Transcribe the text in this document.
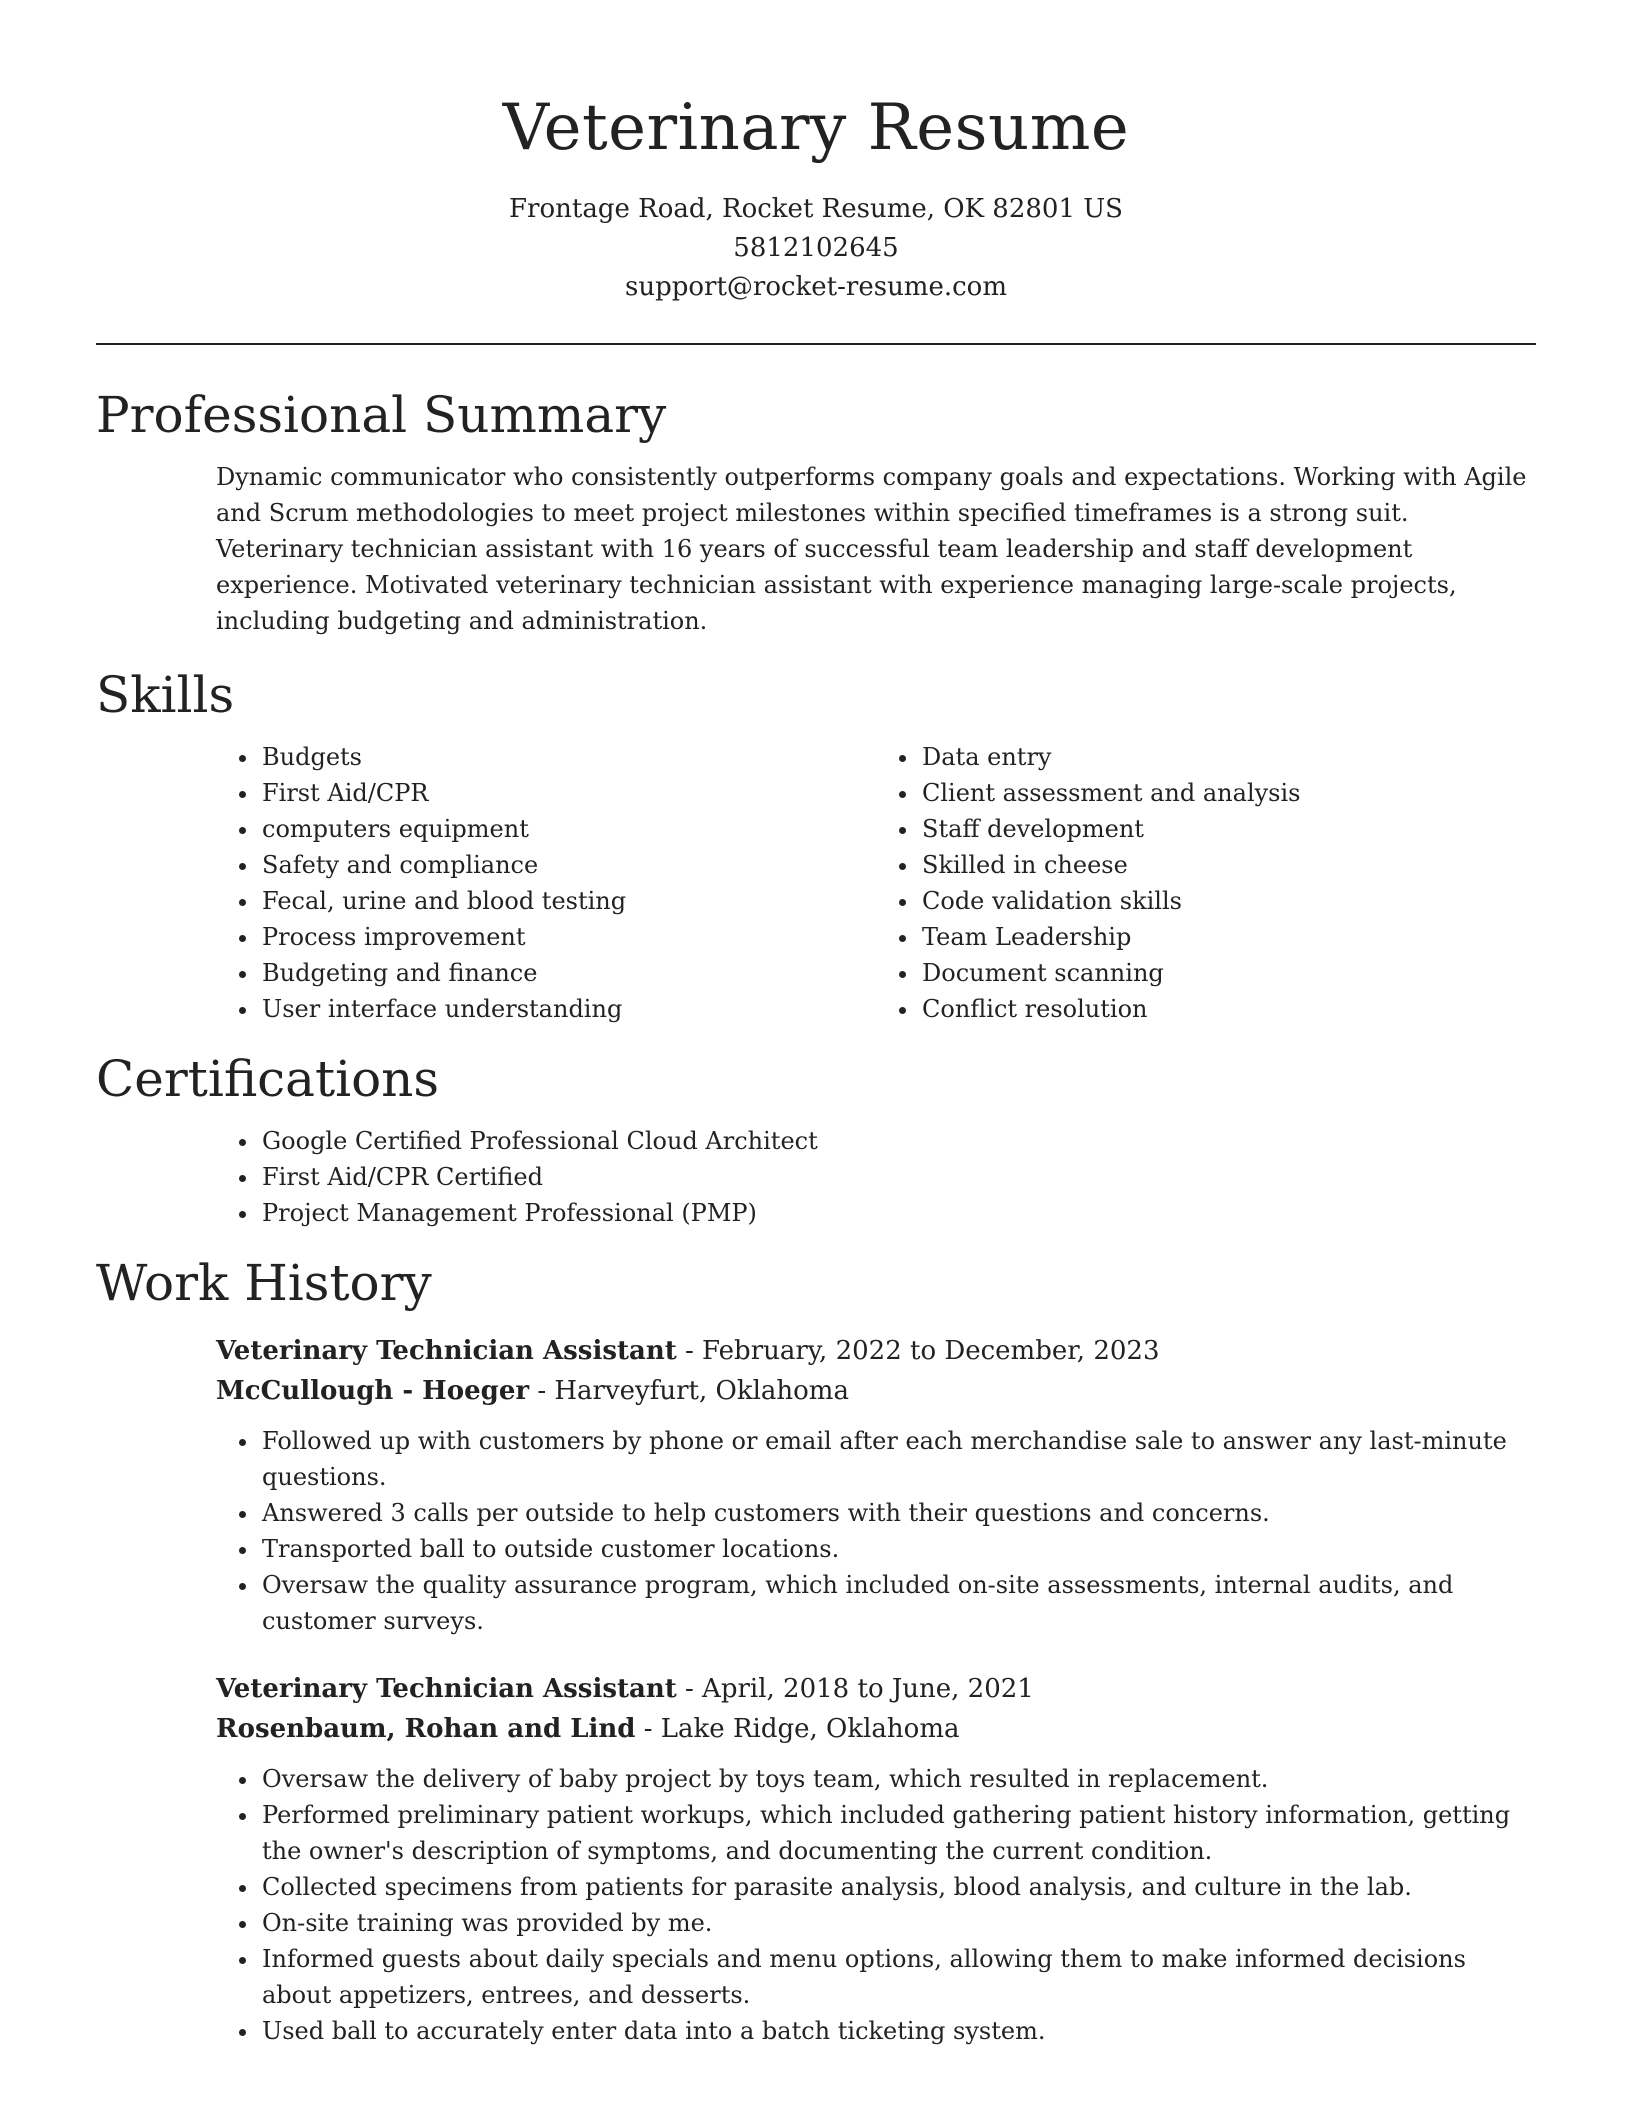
Veterinary Resume

Frontage Road, Rocket Resume, OK 82801 US

5812102645

support@rocket-resume.com

Professional Summary

Dynamic communicator who consistently outperforms company goals and expectations. Working with Agile and Scrum methodologies to meet project milestones within specified timeframes is a strong suit. Veterinary technician assistant with 16 years of successful team leadership and staff development experience. Motivated veterinary technician assistant with experience managing large-scale projects, including budgeting and administration.

Skills
• Budgets
• First Aid/CPR
• computers equipment
• Safety and compliance
• Fecal, urine and blood testing
• Process improvement
• Budgeting and finance
• User interface understanding
• Data entry
• Client assessment and analysis
• Staff development
• Skilled in cheese
• Code validation skills
• Team Leadership
• Document scanning
• Conflict resolution
Certifications
• Google Certified Professional Cloud Architect
• First Aid/CPR Certified
• Project Management Professional (PMP)
Work History

Veterinary Technician Assistant - February, 2022 to December, 2023

McCullough - Hoeger - Harveyfurt, Oklahoma

• Followed up with customers by phone or email after each merchandise sale to answer any last-minute questions.
• Answered 3 calls per outside to help customers with their questions and concerns.
• Transported ball to outside customer locations.
• Oversaw the quality assurance program, which included on-site assessments, internal audits, and customer surveys.

Veterinary Technician Assistant - April, 2018 to June, 2021

Rosenbaum, Rohan and Lind - Lake Ridge, Oklahoma

• Oversaw the delivery of baby project by toys team, which resulted in replacement.
• Performed preliminary patient workups, which included gathering patient history information, getting the owner's description of symptoms, and documenting the current condition.
• Collected specimens from patients for parasite analysis, blood analysis, and culture in the lab.
• On-site training was provided by me.
• Informed guests about daily specials and menu options, allowing them to make informed decisions about appetizers, entrees, and desserts.
• Used ball to accurately enter data into a batch ticketing system.
